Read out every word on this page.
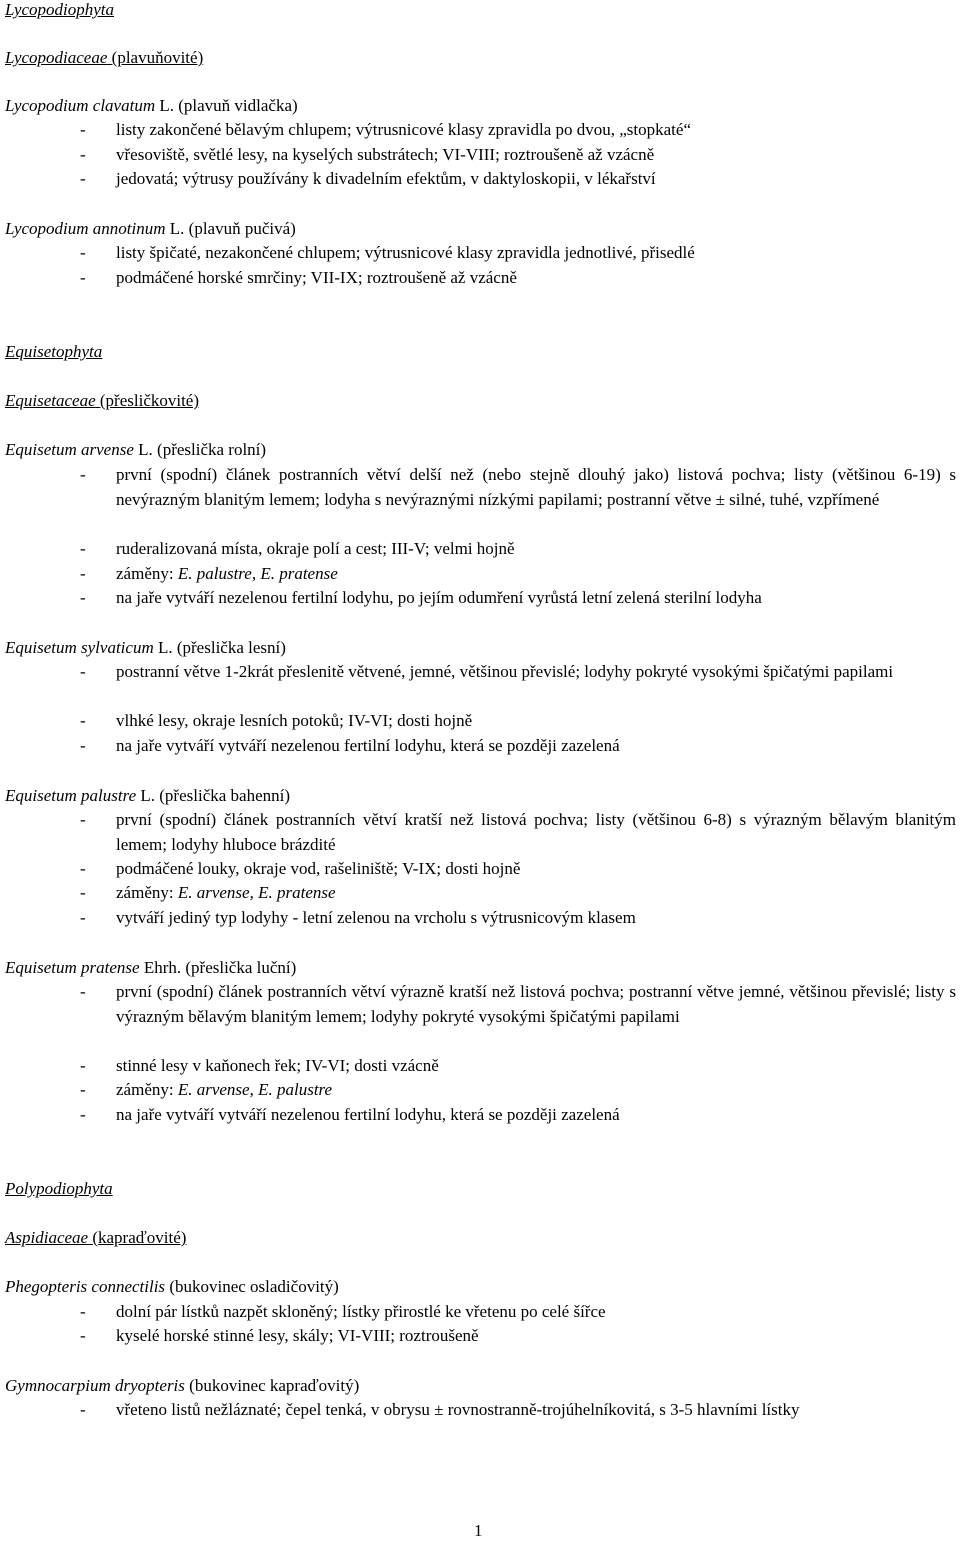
Lycopodiophyta
Lycopodiaceae (plavuňovité)
Lycopodium clavatum L. (plavuň vidlačka)
- listy zakončené bělavým chlupem; výtrusnicové klasy zpravidla po dvou, „stopkaté“
- vřesoviště, světlé lesy, na kyselých substrátech; VI-VIII; roztroušeně až vzácně
- jedovatá; výtrusy používány k divadelním efektům, v daktyloskopii, v lékařství
Lycopodium annotinum L. (plavuň pučivá)
- listy špičaté, nezakončené chlupem; výtrusnicové klasy zpravidla jednotlivé, přisedlé
- podmáčené horské smrčiny; VII-IX; roztroušeně až vzácně
Equisetophyta
Equisetaceae (přesličkovité)
Equisetum arvense L. (přeslička rolní)
- první (spodní) článek postranních větví delší než (nebo stejně dlouhý jako) listová pochva; listy (většinou 6-19) s nevýrazným blanitým lemem; lodyha s nevýraznými nízkými papilami; postranní větve ± silné, tuhé, vzpřímené
- ruderalizovaná místa, okraje polí a cest; III-V; velmi hojně
- záměny: E. palustre, E. pratense
- na jaře vytváří nezelenou fertilní lodyhu, po jejím odumření vyrůstá letní zelená sterilní lodyha
Equisetum sylvaticum L. (přeslička lesní)
- postranní větve 1-2krát přeslenitě větvené, jemné, většinou převislé; lodyhy pokryté vysokými špičatými papilami
- vlhké lesy, okraje lesních potoků; IV-VI; dosti hojně
- na jaře vytváří vytváří nezelenou fertilní lodyhu, která se později zazelená
Equisetum palustre L. (přeslička bahenní)
- první (spodní) článek postranních větví kratší než listová pochva; listy (většinou 6-8) s výrazným bělavým blanitým lemem; lodyhy hluboce brázdité
- podmáčené louky, okraje vod, rašeliniště; V-IX; dosti hojně
- záměny: E. arvense, E. pratense
- vytváří jediný typ lodyhy - letní zelenou na vrcholu s výtrusnicovým klasem
Equisetum pratense Ehrh. (přeslička luční)
- první (spodní) článek postranních větví výrazně kratší než listová pochva; postranní větve jemné, většinou převislé; listy s výrazným bělavým blanitým lemem; lodyhy pokryté vysokými špičatými papilami
- stinné lesy v kaňonech řek; IV-VI; dosti vzácně
- záměny: E. arvense, E. palustre
- na jaře vytváří vytváří nezelenou fertilní lodyhu, která se později zazelená
Polypodiophyta
Aspidiaceae (kapraďovité)
Phegopteris connectilis (bukovinec osladičovitý)
- dolní pár lístků nazpět skloněný; lístky přirostlé ke vřetenu po celé šířce
- kyselé horské stinné lesy, skály; VI-VIII; roztroušeně
Gymnocarpium dryopteris (bukovinec kapraďovitý)
- vřeteno listů nežláznaté; čepel tenká, v obrysu ± rovnostranně-trojúhelníkovitá, s 3-5 hlavními lístky
1
